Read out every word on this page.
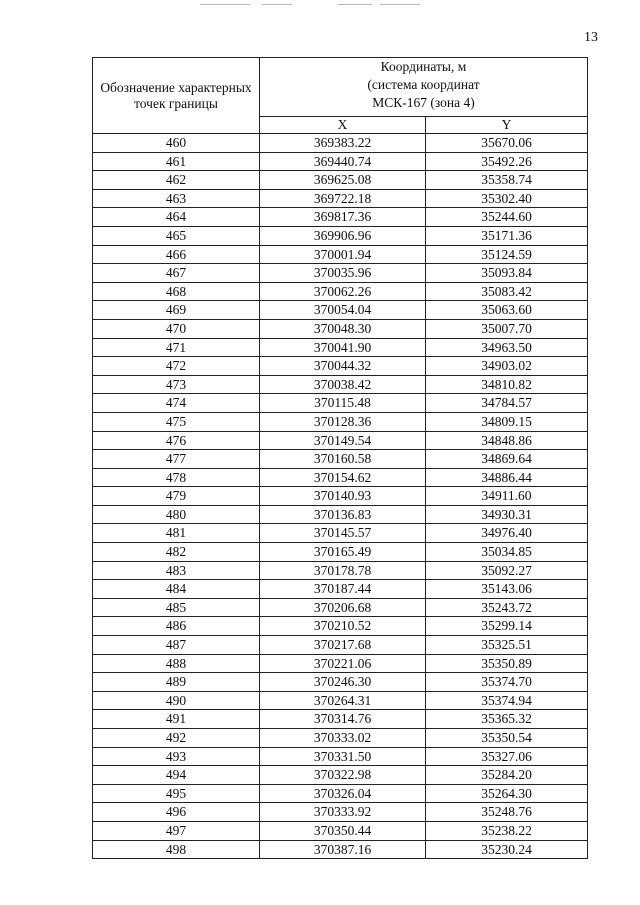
13
Обозначение характерных точек границы	Координаты, м
(система координат
МСК-167 (зона 4)	

	X	Y
460	369383.22	35670.06
461	369440.74	35492.26
462	369625.08	35358.74
463	369722.18	35302.40
464	369817.36	35244.60
465	369906.96	35171.36
466	370001.94	35124.59
467	370035.96	35093.84
468	370062.26	35083.42
469	370054.04	35063.60
470	370048.30	35007.70
471	370041.90	34963.50
472	370044.32	34903.02
473	370038.42	34810.82
474	370115.48	34784.57
475	370128.36	34809.15
476	370149.54	34848.86
477	370160.58	34869.64
478	370154.62	34886.44
479	370140.93	34911.60
480	370136.83	34930.31
481	370145.57	34976.40
482	370165.49	35034.85
483	370178.78	35092.27
484	370187.44	35143.06
485	370206.68	35243.72
486	370210.52	35299.14
487	370217.68	35325.51
488	370221.06	35350.89
489	370246.30	35374.70
490	370264.31	35374.94
491	370314.76	35365.32
492	370333.02	35350.54
493	370331.50	35327.06
494	370322.98	35284.20
495	370326.04	35264.30
496	370333.92	35248.76
497	370350.44	35238.22
498	370387.16	35230.24
